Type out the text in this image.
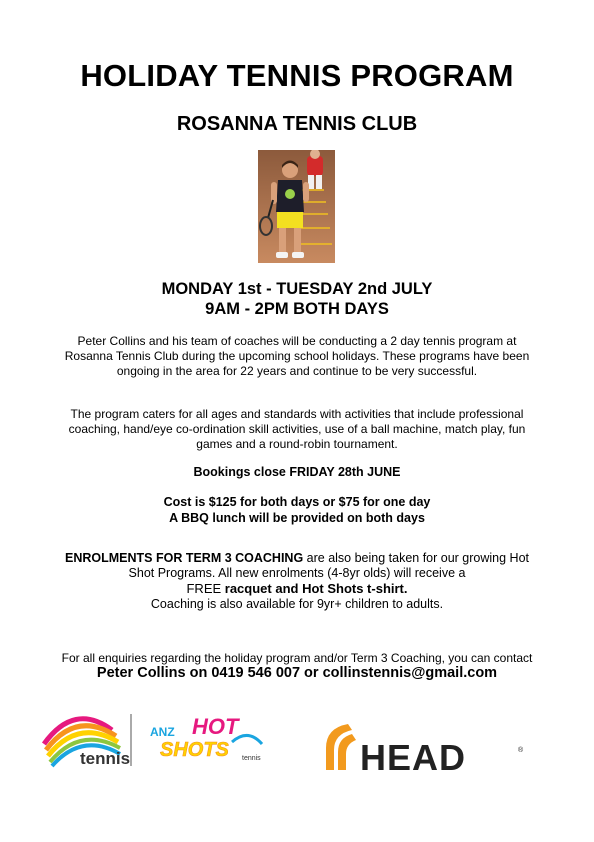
HOLIDAY TENNIS PROGRAM
ROSANNA TENNIS CLUB
MONDAY 1st - TUESDAY 2nd JULY
9AM - 2PM BOTH DAYS
Peter Collins and his team of coaches will be conducting a 2 day tennis program at Rosanna Tennis Club during the upcoming school holidays. These programs have been ongoing in the area for 22 years and continue to be very successful.
The program caters for all ages and standards with activities that include professional coaching, hand/eye co-ordination skill activities, use of a ball machine, match play, fun games and a round-robin tournament.
Bookings close FRIDAY 28th JUNE
Cost is $125 for both days or $75 for one day
A BBQ lunch will be provided on both days
ENROLMENTS FOR TERM 3 COACHING are also being taken for our growing Hot Shot Programs. All new enrolments (4-8yr olds) will receive a
FREE racquet and Hot Shots t-shirt.
Coaching is also available for 9yr+ children to adults.
For all enquiries regarding the holiday program and/or Term 3 Coaching, you can contact
Peter Collins on 0419 546 007 or collinstennis@gmail.com
tennis
ANZ HOT
SHOTS tennis	HEAD	®
